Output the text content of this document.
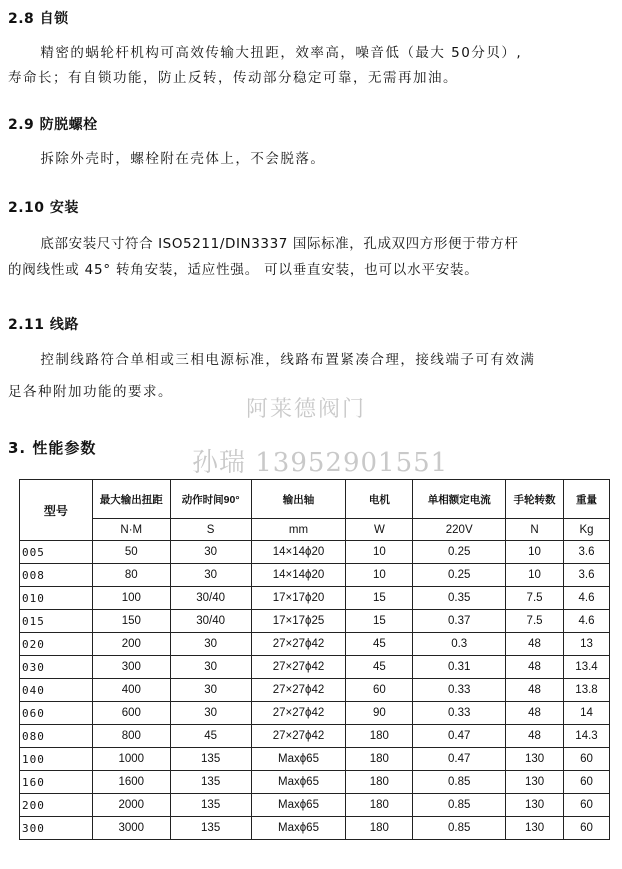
2.8 自锁
精密的蜗轮杆机构可高效传输大扭距，效率高，噪音低（最大 50分贝）,
寿命长；有自锁功能，防止反转，传动部分稳定可靠，无需再加油。
2.9 防脱螺栓
拆除外壳时，螺栓附在壳体上，不会脱落。
2.10 安装
底部安装尺寸符合 ISO5211/DIN3337 国际标准，孔成双四方形便于带方杆
的阀线性或 45° 转角安装，适应性强。 可以垂直安装，也可以水平安装。
2.11 线路
控制线路符合单相或三相电源标准，线路布置紧凑合理，接线端子可有效满
足各种附加功能的要求。
阿莱德阀门
3. 性能参数	孙瑞 13952901551
型号	最大输出扭距	动作时间90°	输出轴	电机	单相额定电流	手轮转数	重量
	N·M	S	mm	W	220V	N	Kg
005	50	30	14×14ϕ20	10	0.25	10	3.6
008	80	30	14×14ϕ20	10	0.25	10	3.6
010	100	30/40	17×17ϕ20	15	0.35	7.5	4.6
015	150	30/40	17×17ϕ25	15	0.37	7.5	4.6
020	200	30	27×27ϕ42	45	0.3	48	13
030	300	30	27×27ϕ42	45	0.31	48	13.4
040	400	30	27×27ϕ42	60	0.33	48	13.8
060	600	30	27×27ϕ42	90	0.33	48	14
080	800	45	27×27ϕ42	180	0.47	48	14.3
100	1000	135	Maxϕ65	180	0.47	130	60
160	1600	135	Maxϕ65	180	0.85	130	60
200	2000	135	Maxϕ65	180	0.85	130	60
300	3000	135	Maxϕ65	180	0.85	130	60
